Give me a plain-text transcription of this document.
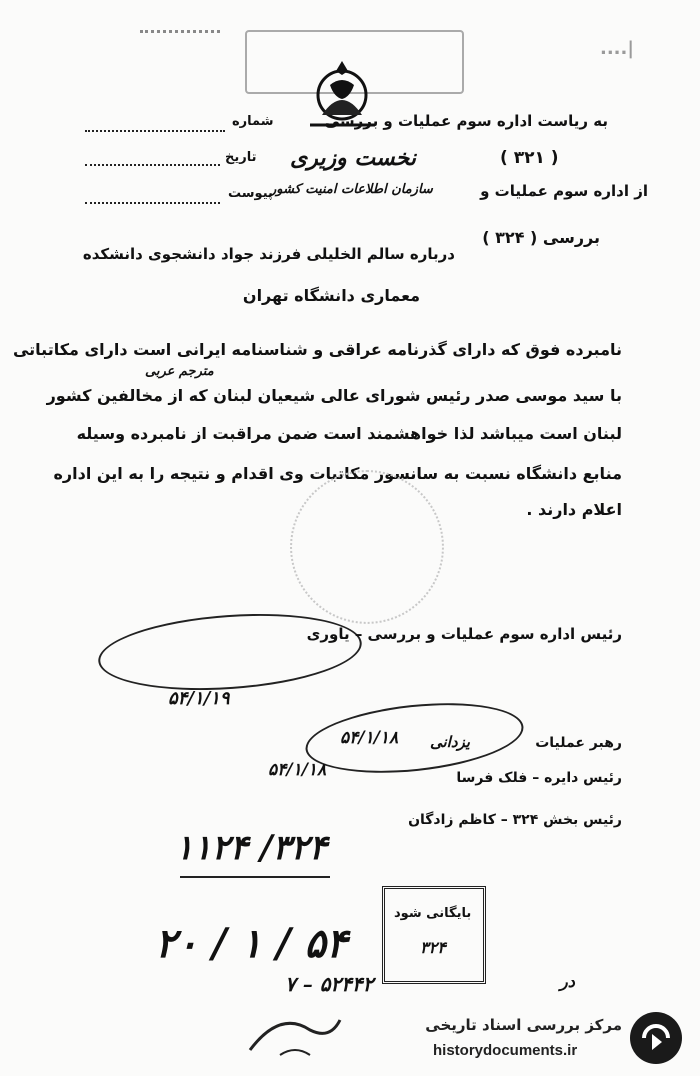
....|
به ریاست اداره سوم عملیات و بررسی
شماره
نخست وزیری	( ۳۲۱ )
تاریخ
از اداره سوم عملیات و
سازمان اطلاعات امنیت کشور
پیوست
بررسی ( ۳۲۴ )
درباره سالم الخلیلی فرزند جواد دانشجوی دانشکده
معماری دانشگاه تهران
نامبرده فوق که دارای گذرنامه عراقی و شناسنامه ایرانی است دارای مکاتباتی
مترجم عربی
با سید موسی صدر رئیس شورای عالی شیعیان لبنان که از مخالفین کشور
لبنان است میباشد لذا خواهشمند است ضمن مراقبت از نامبرده وسیله
منابع دانشگاه نسبت به سانسور مکاتبات وی اقدام و نتیجه را به این اداره
اعلام دارند .
رئیس اداره سوم عملیات و بررسی – یاوری
۵۴/۱/۱۹
رهبر عملیات
یزدانی
۵۴/۱/۱۸
رئیس دایره – فلک فرسا
۵۴/۱/۱۸
رئیس بخش ۳۲۴ – کاظم زادگان
۳۲۴/ ۱۱۲۴
بایگانی شود
۳۲۴
۵۴ / ۱ / ۲۰
۵۲۴۴۲ – ۷	در
مرکز بررسی اسناد تاریخی
historydocuments.ir
